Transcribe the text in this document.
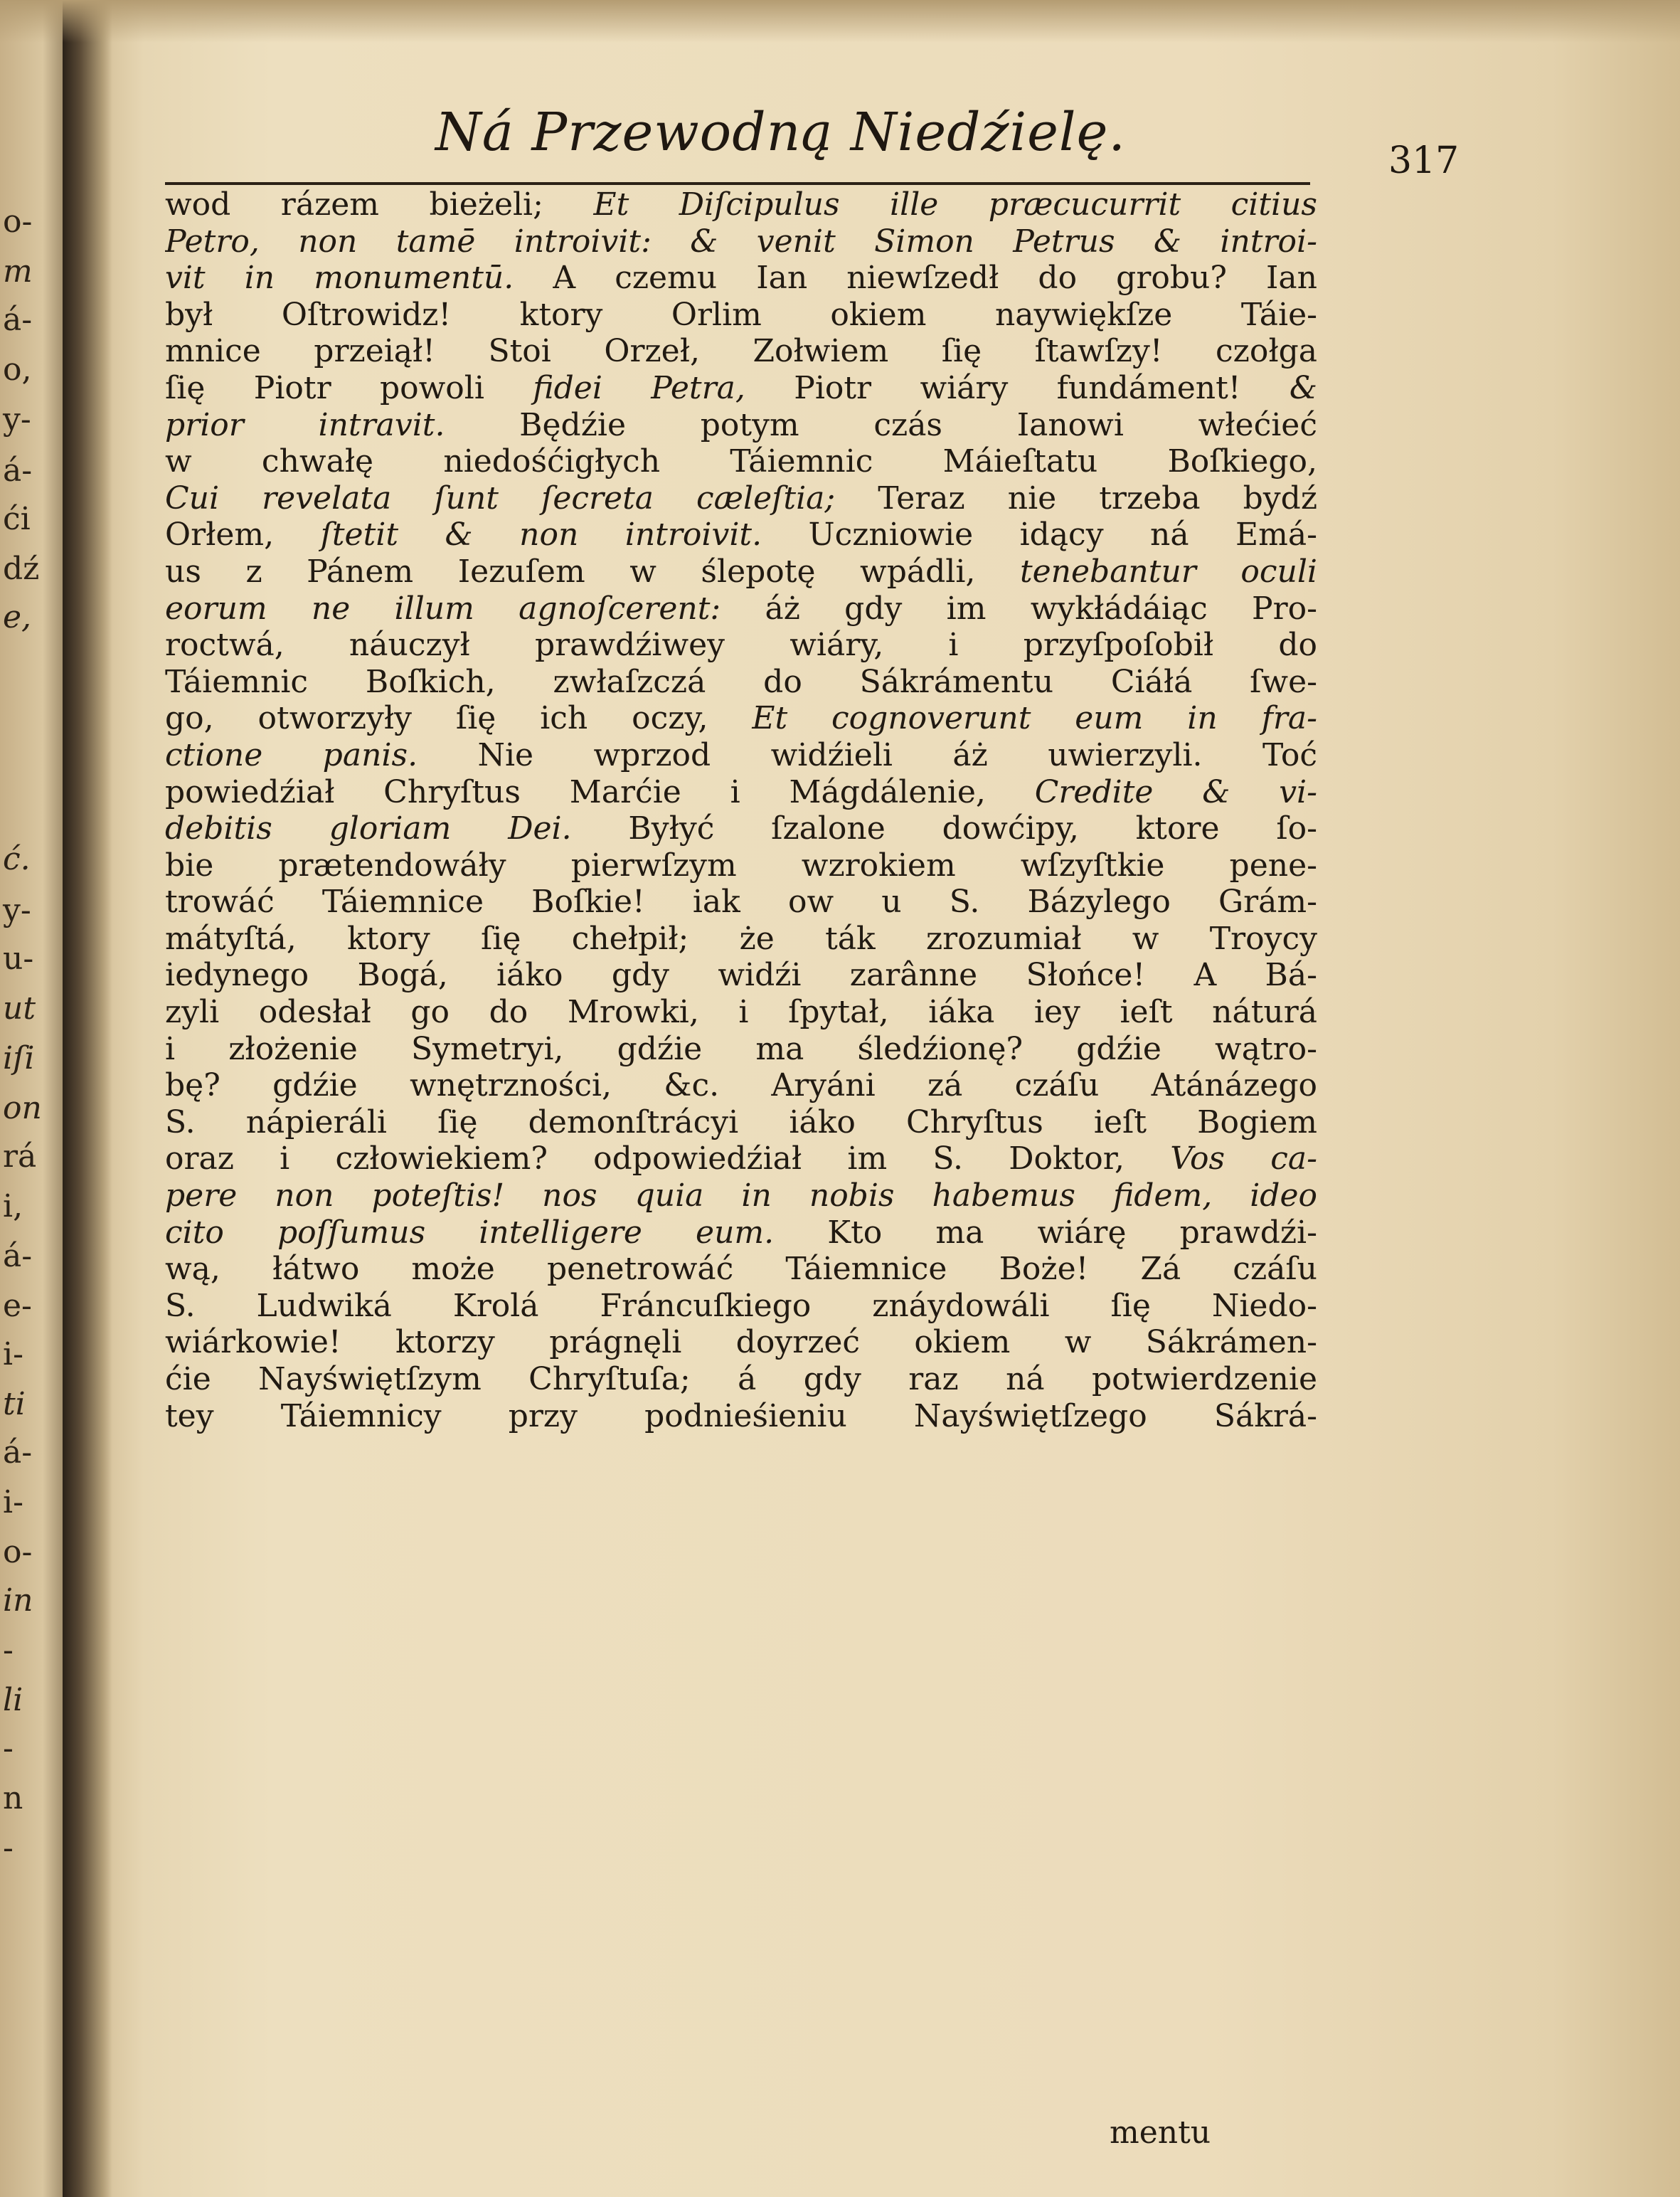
o-
m
á-
o,
y-
á-
ći
dź
e,
ć.
y-
u-
ut
iſi
on
rá
i,
á-
e-
i-
ti
á-
i-
o-
in
-
li
-
n
-
Ná Przewodną Niedźielę.	317
wod rázem bieżeli; Et Diſcipulus ille præcucurrit citius
Petro, non tamē introivit: & venit Simon Petrus & introi-
vit in monumentū. A czemu Ian niewſzedł do grobu? Ian
był Oſtrowidz! ktory Orlim okiem naywiękſze Táie-
mnice przeiął! Stoi Orzeł, Zołwiem ſię ſtawſzy! czołga
ſię Piotr powoli fidei Petra, Piotr wiáry fundáment! &
prior intravit. Będźie potym czás Ianowi włećieć
w chwałę niedośćigłych Táiemnic Máieſtatu Boſkiego,
Cui revelata ſunt ſecreta cæleſtia; Teraz nie trzeba bydź
Orłem, ſtetit & non introivit. Uczniowie idący ná Emá-
us z Pánem Iezuſem w ślepotę wpádli, tenebantur oculi
eorum ne illum agnoſcerent: áż gdy im wykłádáiąc Pro-
roctwá, náuczył prawdźiwey wiáry, i przyſpoſobił do
Táiemnic Boſkich, zwłaſzczá do Sákrámentu Ciáłá ſwe-
go, otworzyły ſię ich oczy, Et cognoverunt eum in fra-
ctione panis. Nie wprzod widźieli áż uwierzyli. Toć
powiedźiał Chryſtus Marćie i Mágdálenie, Credite & vi-
debitis gloriam Dei. Byłyć ſzalone dowćipy, ktore ſo-
bie prætendowáły pierwſzym wzrokiem wſzyſtkie pene-
trowáć Táiemnice Boſkie! iak ow u S. Bázylego Grám-
mátyſtá, ktory ſię chełpił; że ták zrozumiał w Troycy
iedynego Bogá, iáko gdy widźi zarânne Słońce! A Bá-
zyli odesłał go do Mrowki, i ſpytał, iáka iey ieſt náturá
i złożenie Symetryi, gdźie ma śledźionę? gdźie wątro-
bę? gdźie wnętrzności, &c. Aryáni zá czáſu Atánázego
S. nápieráli ſię demonſtrácyi iáko Chryſtus ieſt Bogiem
oraz i człowiekiem? odpowiedźiał im S. Doktor, Vos ca-
pere non poteſtis! nos quia in nobis habemus fidem, ideo
cito poſſumus intelligere eum. Kto ma wiárę prawdźi-
wą, łátwo może penetrowáć Táiemnice Boże! Zá czáſu
S. Ludwiká Krolá Fráncuſkiego znáydowáli ſię Niedo-
wiárkowie! ktorzy prágnęli doyrzeć okiem w Sákrámen-
ćie Nayświętſzym Chryſtuſa; á gdy raz ná potwierdzenie
tey Táiemnicy przy podnieśieniu Nayświętſzego Sákrá-
mentu
